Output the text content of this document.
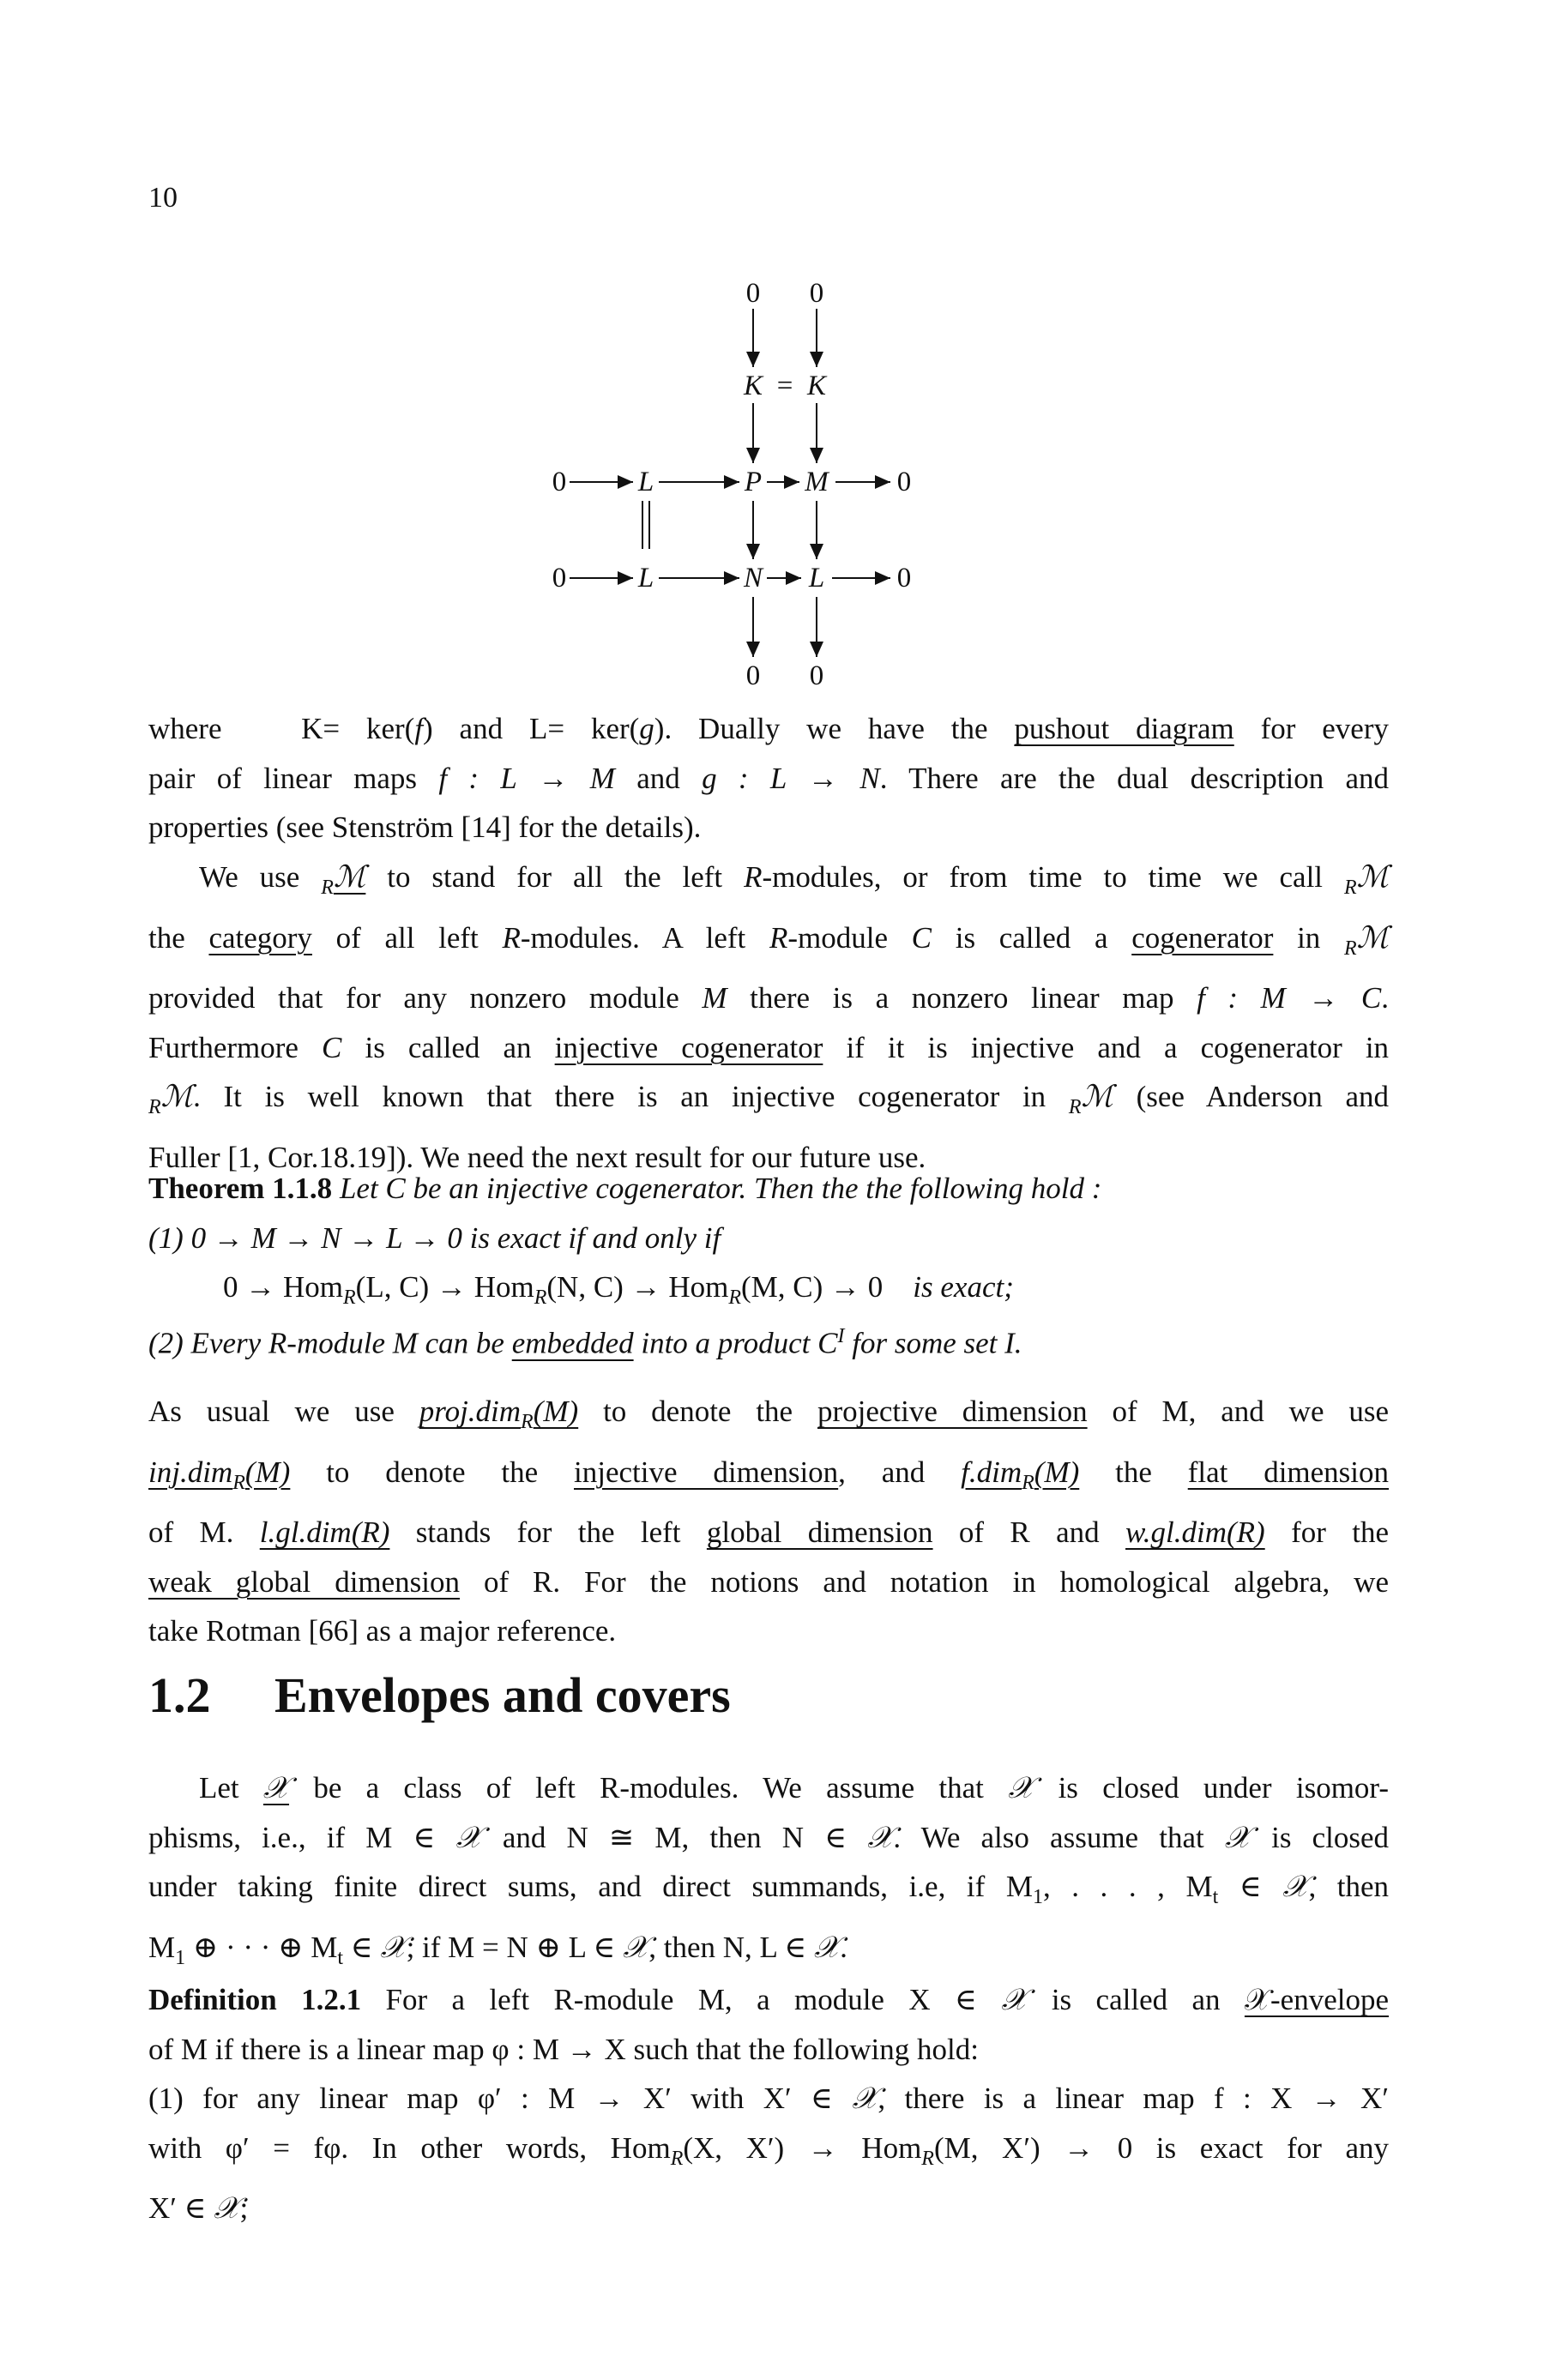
10
0 0
K = K
0	L	P M 0
0	L	N L	0
0 0
where	K= ker(f) and L= ker(g). Dually we have the pushout diagram for every
pair of linear maps f : L → M and g : L → N. There are the dual description and
properties (see Stenström [14] for the details).
We use $_R$ℳ to stand for all the left R-modules, or from time to time we call $_R$ℳ
the category of all left R-modules. A left R-module C is called a cogenerator in $_R$ℳ
provided that for any nonzero module M there is a nonzero linear map f : M → C.
Furthermore C is called an injective cogenerator if it is injective and a cogenerator in
$_R$ℳ. It is well known that there is an injective cogenerator in $_R$ℳ (see Anderson and
Fuller [1, Cor.18.19]). We need the next result for our future use.
Theorem 1.1.8 Let C be an injective cogenerator. Then the the following hold :
(1) 0 → M → N → L → 0 is exact if and only if
0 → Hom$_R$(L, C) → Hom$_R$(N, C) → Hom$_R$(M, C) → 0 is exact;
(2) Every R-module M can be embedded into a product $C^I$ for some set I.
As usual we use proj.dim$_R$(M) to denote the projective dimension of M, and we use
inj.dim$_R$(M) to denote the injective dimension, and f.dim$_R$(M) the flat dimension
of M. l.gl.dim(R) stands for the left global dimension of R and w.gl.dim(R) for the
weak global dimension of R. For the notions and notation in homological algebra, we
take Rotman [66] as a major reference.
1.2 Envelopes and covers
Let 𝒳 be a class of left R-modules. We assume that 𝒳 is closed under isomor-
phisms, i.e., if M ∈ 𝒳 and N ≅ M, then N ∈ 𝒳. We also assume that 𝒳 is closed
under taking finite direct sums, and direct summands, i.e, if $M_1$, . . . , $M_t$ ∈ 𝒳, then
$M_1$ ⊕ · · · ⊕ $M_t$ ∈ 𝒳; if M = N ⊕ L ∈ 𝒳, then N, L ∈ 𝒳.
Definition 1.2.1 For a left R-module M, a module X ∈ 𝒳 is called an 𝒳-envelope
of M if there is a linear map φ : M → X such that the following hold:
(1) for any linear map φ′ : M → X′ with X′ ∈ 𝒳, there is a linear map f : X → X′
with φ′ = fφ. In other words, Hom$_R$(X, X′) → Hom$_R$(M, X′) → 0 is exact for any
X′ ∈ 𝒳;
